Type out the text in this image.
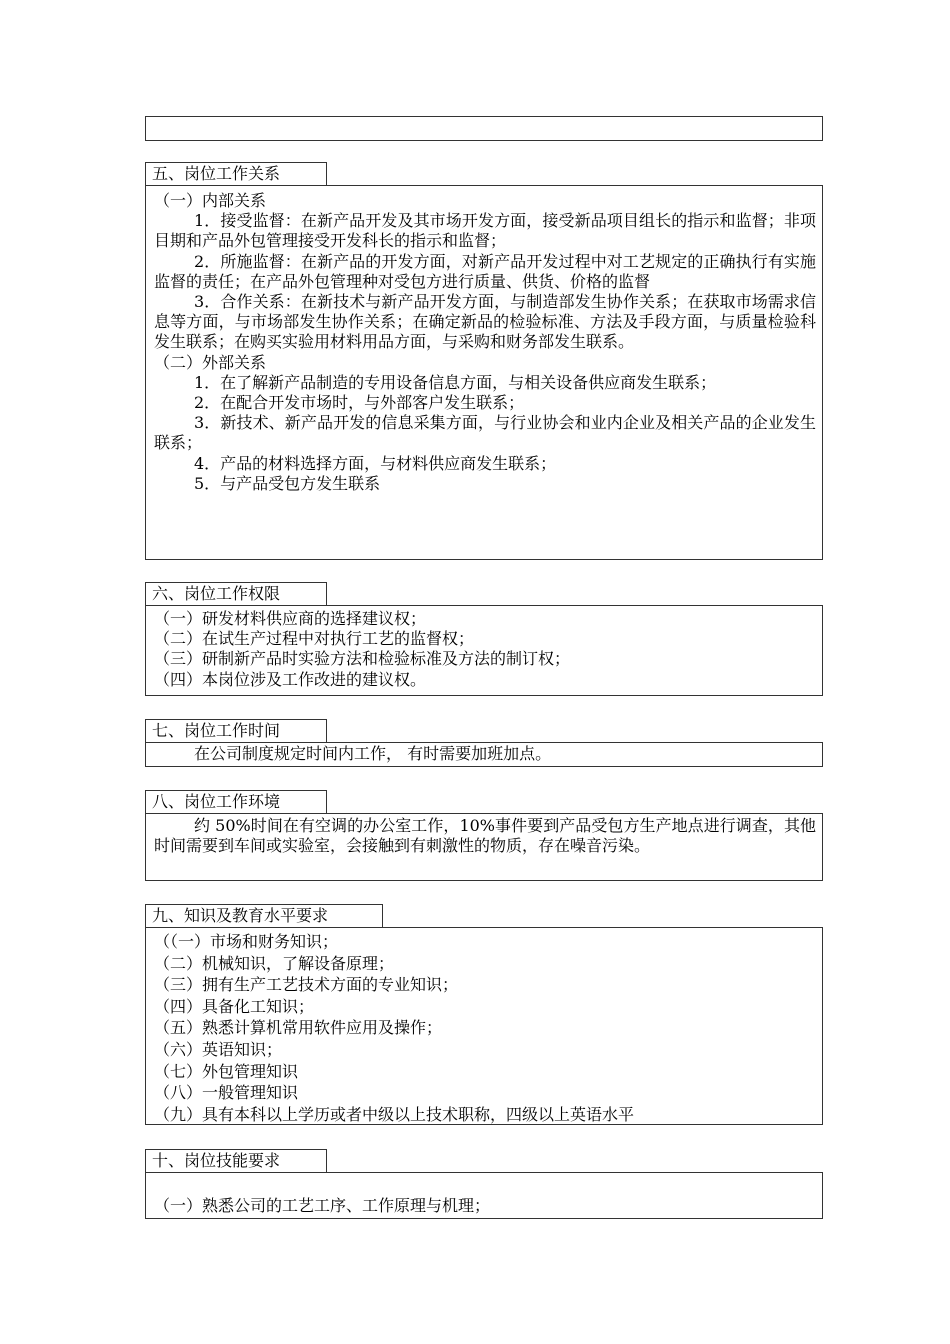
五、岗位工作关系
（一）内部关系
1．接受监督：在新产品开发及其市场开发方面，接受新品项目组长的指示和监督；非项目期和产品外包管理接受开发科长的指示和监督；
2．所施监督：在新产品的开发方面，对新产品开发过程中对工艺规定的正确执行有实施监督的责任；在产品外包管理种对受包方进行质量、供货、价格的监督
3．合作关系：在新技术与新产品开发方面，与制造部发生协作关系；在获取市场需求信息等方面，与市场部发生协作关系；在确定新品的检验标准、方法及手段方面，与质量检验科发生联系；在购买实验用材料用品方面，与采购和财务部发生联系。
（二）外部关系
1．在了解新产品制造的专用设备信息方面，与相关设备供应商发生联系；
2．在配合开发市场时，与外部客户发生联系；
3．新技术、新产品开发的信息采集方面，与行业协会和业内企业及相关产品的企业发生联系；
4．产品的材料选择方面，与材料供应商发生联系；
5．与产品受包方发生联系
六、岗位工作权限
（一）研发材料供应商的选择建议权；
（二）在试生产过程中对执行工艺的监督权；
（三）研制新产品时实验方法和检验标准及方法的制订权；
（四）本岗位涉及工作改进的建议权。
七、岗位工作时间
在公司制度规定时间内工作， 有时需要加班加点。
八、岗位工作环境
约 50%时间在有空调的办公室工作，10%事件要到产品受包方生产地点进行调查，其他时间需要到车间或实验室，会接触到有刺激性的物质，存在噪音污染。
九、知识及教育水平要求
（（一）市场和财务知识；
（二）机械知识，了解设备原理；
（三）拥有生产工艺技术方面的专业知识；
（四）具备化工知识；
（五）熟悉计算机常用软件应用及操作；
（六）英语知识；
（七）外包管理知识
（八）一般管理知识
（九）具有本科以上学历或者中级以上技术职称，四级以上英语水平
十、岗位技能要求
（一）熟悉公司的工艺工序、工作原理与机理；
